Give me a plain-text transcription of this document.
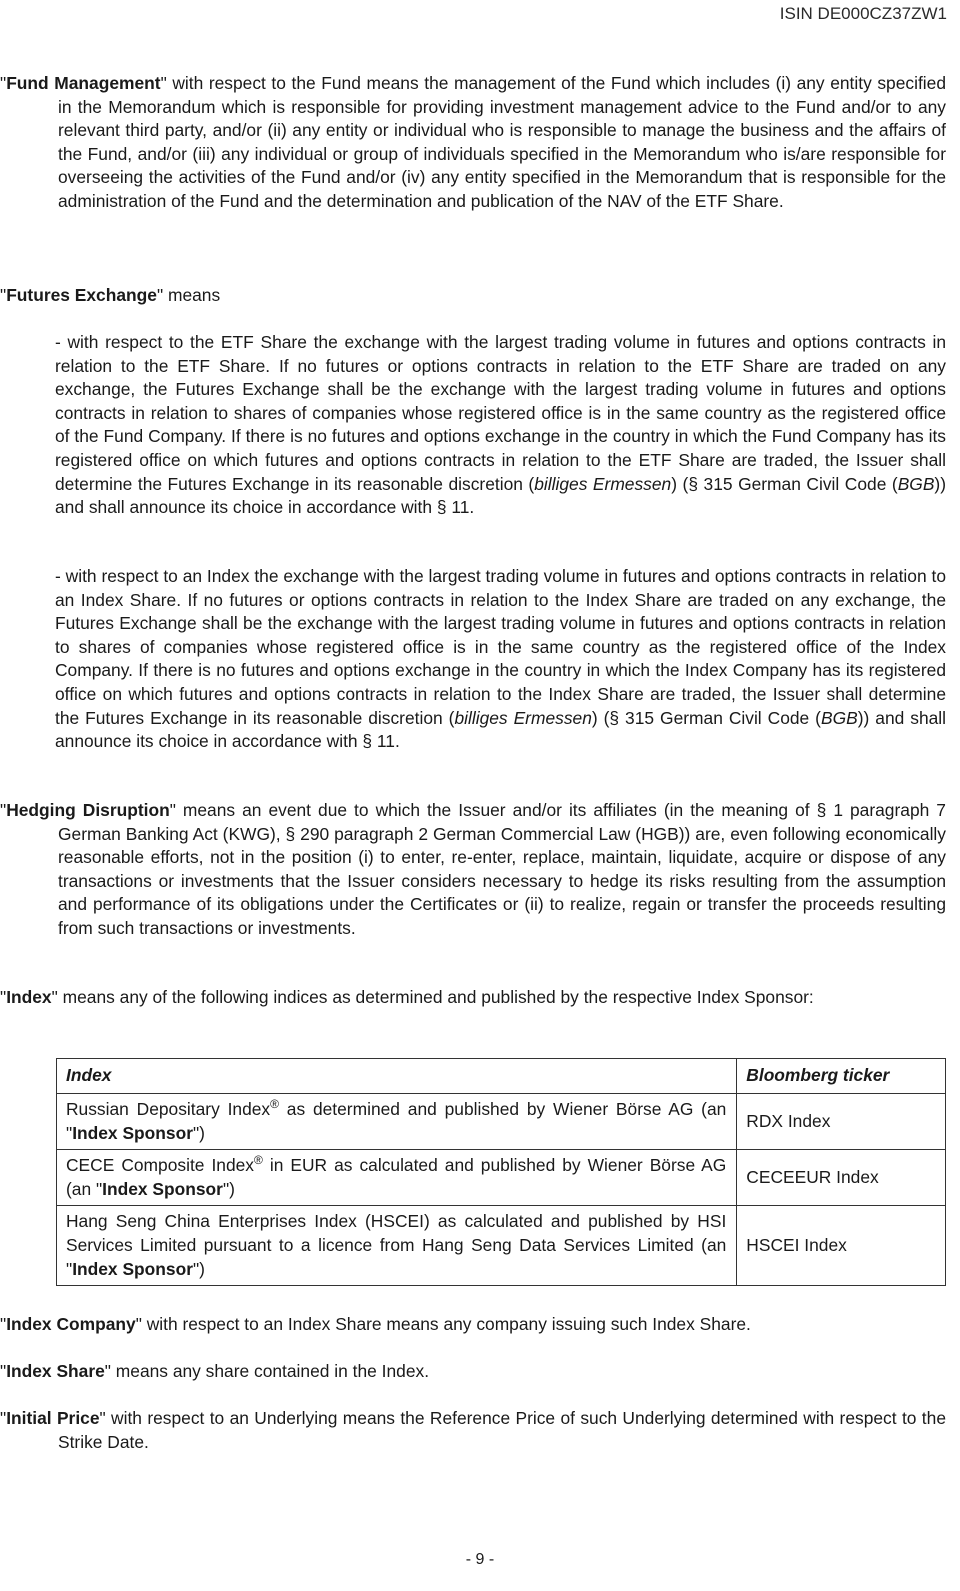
ISIN DE000CZ37ZW1

"Fund Management" with respect to the Fund means the management of the Fund which includes (i) any entity specified in the Memorandum which is responsible for providing investment management advice to the Fund and/or to any relevant third party, and/or (ii) any entity or individual who is responsible to manage the business and the affairs of the Fund, and/or (iii) any individual or group of individuals specified in the Memorandum who is/are responsible for overseeing the activities of the Fund and/or (iv) any entity specified in the Memorandum that is responsible for the administration of the Fund and the determination and publication of the NAV of the ETF Share.

"Futures Exchange" means

- with respect to the ETF Share the exchange with the largest trading volume in futures and options contracts in relation to the ETF Share. If no futures or options contracts in relation to the ETF Share are traded on any exchange, the Futures Exchange shall be the exchange with the largest trading volume in futures and options contracts in relation to shares of companies whose registered office is in the same country as the registered office of the Fund Company. If there is no futures and options exchange in the country in which the Fund Company has its registered office on which futures and options contracts in relation to the ETF Share are traded, the Issuer shall determine the Futures Exchange in its reasonable discretion (billiges Ermessen) (§ 315 German Civil Code (BGB)) and shall announce its choice in accordance with § 11.

- with respect to an Index the exchange with the largest trading volume in futures and options contracts in relation to an Index Share. If no futures or options contracts in relation to the Index Share are traded on any exchange, the Futures Exchange shall be the exchange with the largest trading volume in futures and options contracts in relation to shares of companies whose registered office is in the same country as the registered office of the Index Company. If there is no futures and options exchange in the country in which the Index Company has its registered office on which futures and options contracts in relation to the Index Share are traded, the Issuer shall determine the Futures Exchange in its reasonable discretion (billiges Ermessen) (§ 315 German Civil Code (BGB)) and shall announce its choice in accordance with § 11.

"Hedging Disruption" means an event due to which the Issuer and/or its affiliates (in the meaning of § 1 paragraph 7 German Banking Act (KWG), § 290 paragraph 2 German Commercial Law (HGB)) are, even following economically reasonable efforts, not in the position (i) to enter, re-enter, replace, maintain, liquidate, acquire or dispose of any transactions or investments that the Issuer considers necessary to hedge its risks resulting from the assumption and performance of its obligations under the Certificates or (ii) to realize, regain or transfer the proceeds resulting from such transactions or investments.

"Index" means any of the following indices as determined and published by the respective Index Sponsor:

Index	Bloomberg ticker
Russian Depositary Index® as determined and published by Wiener Börse AG (an "Index Sponsor")	RDX Index
CECE Composite Index® in EUR as calculated and published by Wiener Börse AG (an "Index Sponsor")	CECEEUR Index
Hang Seng China Enterprises Index (HSCEI) as calculated and published by HSI Services Limited pursuant to a licence from Hang Seng Data Services Limited (an "Index Sponsor")	HSCEI Index

"Index Company" with respect to an Index Share means any company issuing such Index Share.

"Index Share" means any share contained in the Index.

"Initial Price" with respect to an Underlying means the Reference Price of such Underlying determined with respect to the Strike Date.

- 9 -
